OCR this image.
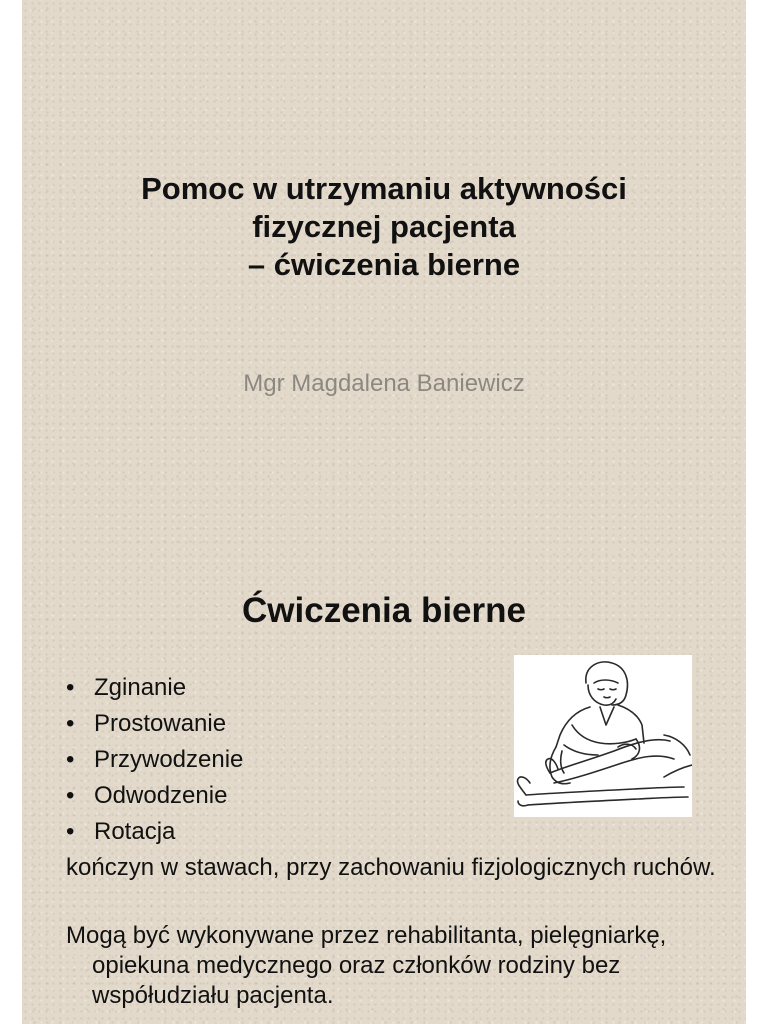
Pomoc w utrzymaniu aktywności
fizycznej pacjenta
– ćwiczenia bierne

Mgr Magdalena Baniewicz

Ćwiczenia bierne
• Zginanie
• Prostowanie
• Przywodzenie
• Odwodzenie
• Rotacja

kończyn w stawach, przy zachowaniu fizjologicznych ruchów.

Mogą być wykonywane przez rehabilitanta, pielęgniarkę, opiekuna medycznego oraz członków rodziny bez współudziału pacjenta.
